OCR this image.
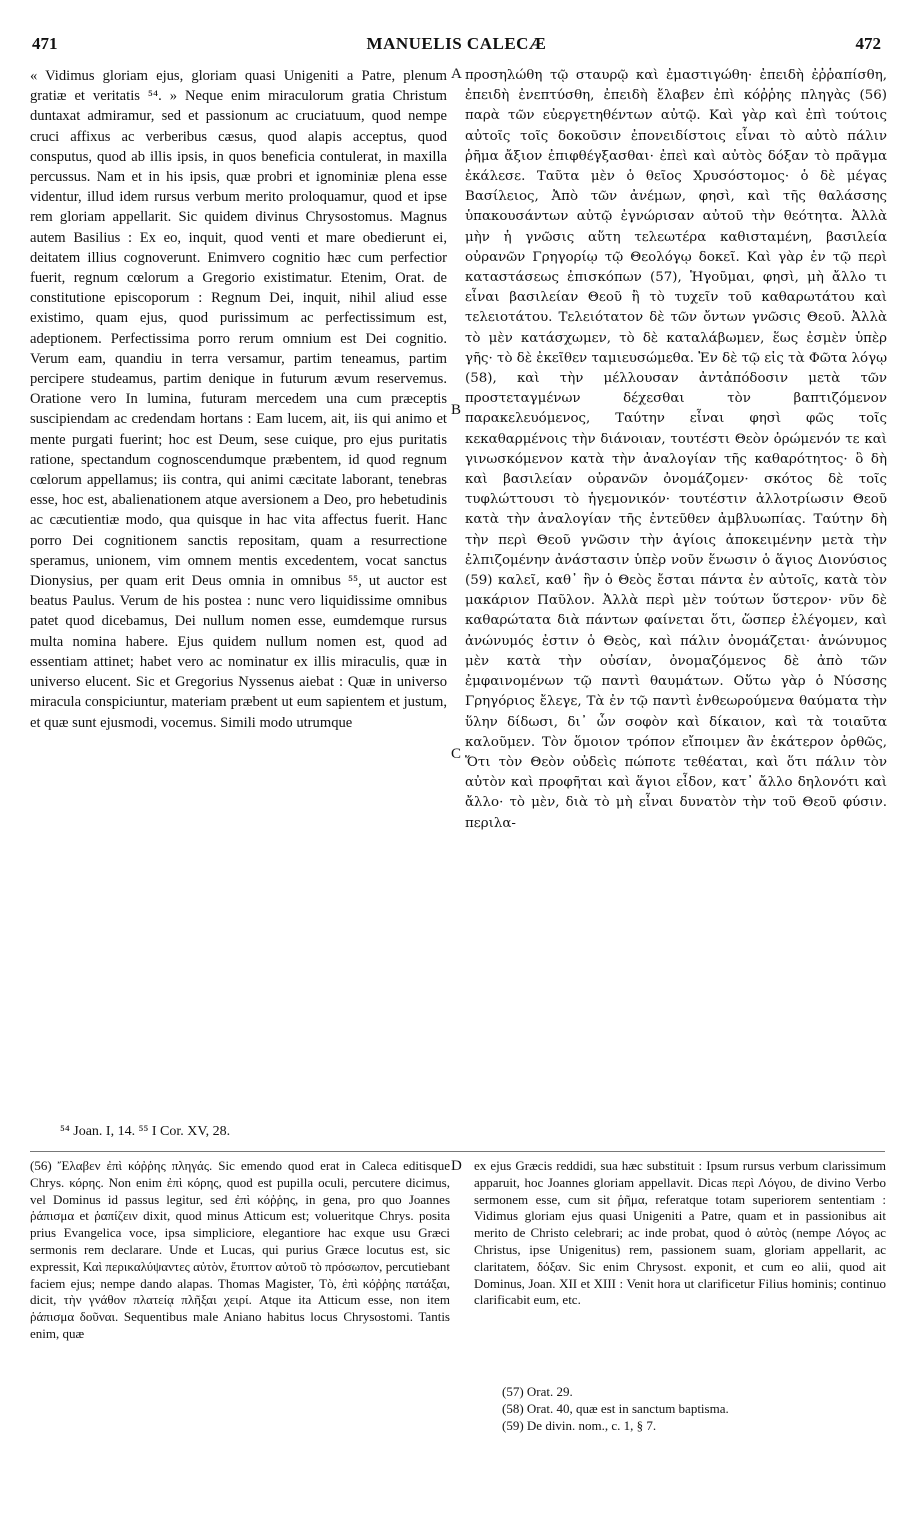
471	MANUELIS CALECÆ	472

« Vidimus gloriam ejus, gloriam quasi Unigeniti a Patre, plenum gratiæ et veritatis ⁵⁴. » Neque enim miraculorum gratia Christum duntaxat admiramur, sed et passionum ac cruciatuum, quod nempe cruci affixus ac verberibus cæsus, quod alapis acceptus, quod consputus, quod ab illis ipsis, in quos beneficia contulerat, in maxilla percussus. Nam et in his ipsis, quæ probri et ignominiæ plena esse videntur, illud idem rursus verbum merito proloquamur, quod et ipse rem gloriam appellarit. Sic quidem divinus Chrysostomus. Magnus autem Basilius : Ex eo, inquit, quod venti et mare obedierunt ei, deitatem illius cognoverunt. Enimvero cognitio hæc cum perfectior fuerit, regnum cœlorum a Gregorio existimatur. Etenim, Orat. de constitutione episcoporum : Regnum Dei, inquit, nihil aliud esse existimo, quam ejus, quod purissimum ac perfectissimum est, adeptionem. Perfectissima porro rerum omnium est Dei cognitio. Verum eam, quandiu in terra versamur, partim teneamus, partim percipere studeamus, partim denique in futurum ævum reservemus. Oratione vero In lumina, futuram mercedem una cum præceptis suscipiendam ac credendam hortans : Eam lucem, ait, iis qui animo et mente purgati fuerint; hoc est Deum, sese cuique, pro ejus puritatis ratione, spectandum cognoscendumque præbentem, id quod regnum cœlorum appellamus; iis contra, qui animi cæcitate laborant, tenebras esse, hoc est, abalienationem atque aversionem a Deo, pro hebetudinis ac cæcutientiæ modo, qua quisque in hac vita affectus fuerit. Hanc porro Dei cognitionem sanctis repositam, quam a resurrectione speramus, unionem, vim omnem mentis excedentem, vocat sanctus Dionysius, per quam erit Deus omnia in omnibus ⁵⁵, ut auctor est beatus Paulus. Verum de his postea : nunc vero liquidissime omnibus patet quod dicebamus, Dei nullum nomen esse, eumdemque rursus multa nomina habere. Ejus quidem nullum nomen est, quod ad essentiam attinet; habet vero ac nominatur ex illis miraculis, quæ in universo elucent. Sic et Gregorius Nyssenus aiebat : Quæ in universo miracula conspiciuntur, materiam præbent ut eum sapientem et justum, et quæ sunt ejusmodi, vocemus. Simili modo utrumque

προσηλώθη τῷ σταυρῷ καὶ ἐμαστιγώθη· ἐπειδὴ ἐῤῥαπίσθη, ἐπειδὴ ἐνεπτύσθη, ἐπειδὴ ἔλαβεν ἐπὶ κόῤῥης πληγὰς (56) παρὰ τῶν εὐεργετηθέντων αὐτῷ. Καὶ γὰρ καὶ ἐπὶ τούτοις αὐτοῖς τοῖς δοκοῦσιν ἐπονειδίστοις εἶναι τὸ αὐτὸ πάλιν ῥῆμα ἄξιον ἐπιφθέγξασθαι· ἐπεὶ καὶ αὐτὸς δόξαν τὸ πρᾶγμα ἐκάλεσε. Ταῦτα μὲν ὁ θεῖος Χρυσόστομος· ὁ δὲ μέγας Βασίλειος, Ἀπὸ τῶν ἀνέμων, φησὶ, καὶ τῆς θαλάσσης ὑπακουσάντων αὐτῷ ἐγνώρισαν αὐτοῦ τὴν θεότητα. Ἀλλὰ μὴν ἡ γνῶσις αὕτη τελεωτέρα καθισταμένη, βασιλεία οὐρανῶν Γρηγορίῳ τῷ Θεολόγῳ δοκεῖ. Καὶ γὰρ ἐν τῷ περὶ καταστάσεως ἐπισκόπων (57), Ἡγοῦμαι, φησὶ, μὴ ἄλλο τι εἶναι βασιλείαν Θεοῦ ἢ τὸ τυχεῖν τοῦ καθαρωτάτου καὶ τελειοτάτου. Τελειότατον δὲ τῶν ὄντων γνῶσις Θεοῦ. Ἀλλὰ τὸ μὲν κατάσχωμεν, τὸ δὲ καταλάβωμεν, ἕως ἐσμὲν ὑπὲρ γῆς· τὸ δὲ ἐκεῖθεν ταμιευσώμεθα. Ἐν δὲ τῷ εἰς τὰ Φῶτα λόγῳ (58), καὶ τὴν μέλλουσαν ἀντἀπόδοσιν μετὰ τῶν προστεταγμένων δέχεσθαι τὸν βαπτιζόμενον παρακελευόμενος, Ταύτην εἶναι φησὶ φῶς τοῖς κεκαθαρμένοις τὴν διάνοιαν, τουτέστι Θεὸν ὁρώμενόν τε καὶ γινωσκόμενον κατὰ τὴν ἀναλογίαν τῆς καθαρότητος· ὃ δὴ καὶ βασιλείαν οὐρανῶν ὀνομάζομεν· σκότος δὲ τοῖς τυφλώττουσι τὸ ἡγεμονικόν· τουτέστιν ἀλλοτρίωσιν Θεοῦ κατὰ τὴν ἀναλογίαν τῆς ἐντεῦθεν ἀμβλυωπίας. Ταύτην δὴ τὴν περὶ Θεοῦ γνῶσιν τὴν ἁγίοις ἀποκειμένην μετὰ τὴν ἐλπιζομένην ἀνάστασιν ὑπὲρ νοῦν ἕνωσιν ὁ ἅγιος Διονύσιος (59) καλεῖ, καθ᾽ ἣν ὁ Θεὸς ἔσται πάντα ἐν αὐτοῖς, κατὰ τὸν μακάριον Παῦλον. Ἀλλὰ περὶ μὲν τούτων ὕστερον· νῦν δὲ καθαρώτατα διὰ πάντων φαίνεται ὅτι, ὥσπερ ἐλέγομεν, καὶ ἀνώνυμός ἐστιν ὁ Θεὸς, καὶ πάλιν ὀνομάζεται· ἀνώνυμος μὲν κατὰ τὴν οὐσίαν, ὀνομαζόμενος δὲ ἀπὸ τῶν ἐμφαινομένων τῷ παντὶ θαυμάτων. Οὕτω γὰρ ὁ Νύσσης Γρηγόριος ἔλεγε, Τὰ ἐν τῷ παντὶ ἐνθεωρούμενα θαύματα τὴν ὕλην δίδωσι, δι᾽ ὧν σοφὸν καὶ δίκαιον, καὶ τὰ τοιαῦτα καλοῦμεν. Τὸν ὅμοιον τρόπον εἴποιμεν ἂν ἑκάτερον ὀρθῶς, Ὅτι τὸν Θεὸν οὐδεὶς πώποτε τεθέαται, καὶ ὅτι πάλιν τὸν αὐτὸν καὶ προφῆται καὶ ἅγιοι εἶδον, κατ᾽ ἄλλο δηλονότι καὶ ἄλλο· τὸ μὲν, διὰ τὸ μὴ εἶναι δυνατὸν τὴν τοῦ Θεοῦ φύσιν. περιλα-

A
B
C
D
⁵⁴ Joan. I, 14. ⁵⁵ I Cor. XV, 28.

(56) Ἔλαβεν ἐπὶ κόῤῥης πληγάς. Sic emendo quod erat in Caleca editisque Chrys. κόρης. Non enim ἐπὶ κόρης, quod est pupilla oculi, percutere dicimus, vel Dominus id passus legitur, sed ἐπὶ κόῤῥης, in gena, pro quo Joannes ῥάπισμα et ῥαπίζειν dixit, quod minus Atticum est; volueritque Chrys. posita prius Evangelica voce, ipsa simpliciore, elegantiore hac exque usu Græci sermonis rem declarare. Unde et Lucas, qui purius Græce locutus est, sic expressit, Καὶ περικαλύψαντες αὐτὸν, ἔτυπτον αὐτοῦ τὸ πρόσωπον, percutiebant faciem ejus; nempe dando alapas. Thomas Magister, Τὸ, ἐπὶ κόῤῥης πατάξαι, dicit, τὴν γνάθον πλατείᾳ πλῆξαι χειρί. Atque ita Atticum esse, non item ῥάπισμα δοῦναι. Sequentibus male Aniano habitus locus Chrysostomi. Tantis enim, quæ

ex ejus Græcis reddidi, sua hæc substituit : Ipsum rursus verbum clarissimum apparuit, hoc Joannes gloriam appellavit. Dicas περὶ Λόγου, de divino Verbo sermonem esse, cum sit ῥῆμα, referatque totam superiorem sententiam : Vidimus gloriam ejus quasi Unigeniti a Patre, quam et in passionibus ait merito de Christo celebrari; ac inde probat, quod ὁ αὐτὸς (nempe Λόγος ac Christus, ipse Unigenitus) rem, passionem suam, gloriam appellarit, ac claritatem, δόξαν. Sic enim Chrysost. exponit, et cum eo alii, quod ait Dominus, Joan. XII et XIII : Venit hora ut clarificetur Filius hominis; continuo clarificabit eum, etc.

(57) Orat. 29.

(58) Orat. 40, quæ est in sanctum baptisma.

(59) De divin. nom., c. 1, § 7.
